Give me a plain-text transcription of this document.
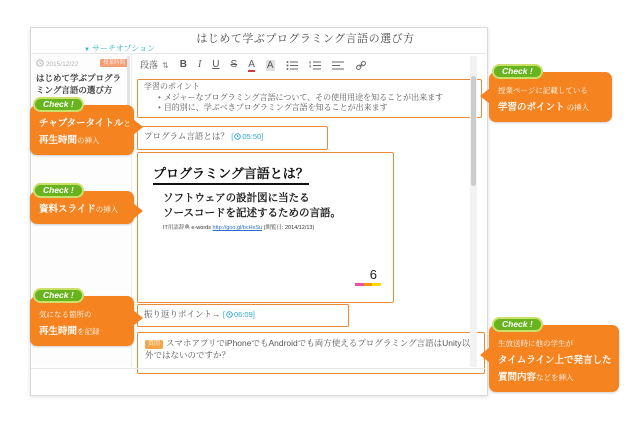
はじめて学ぶプログラミング言語の選び方
▼ サーチオプション
2015/12/22	授業時間
はじめて学ぶプログラミング言語の選び方
段落 ⇅ B I U S A A
学習のポイント
• メジャーなプログラミング言語について、その使用用途を知ることが出来ます
• 目的別に、学ぶべきプログラミング言語を知ることが出来ます
プログラム言語とは？ [ 05:50]
プログラミング言語とは？
ソフトウェアの設計図に当たる
ソースコードを記述するための言語。
IT用語辞典 e-words http://goo.gl/bcHxSu (閲覧日: 2014/12/13)
6
振り返りポイント→ [ 06:09]
質問 スマホアプリでiPhoneでもAndroidでも両方使えるプログラミング言語はUnity以外ではないのですか？
Check !
チャプタータイトルと
再生時間の挿入
Check !
資料スライドの挿入
Check !
気になる箇所の
再生時間を記録
Check !
授業ページに記載している
学習のポイント の挿入
Check !
生放送時に他の学生が
タイムライン上で発言した
質問内容などを挿入
